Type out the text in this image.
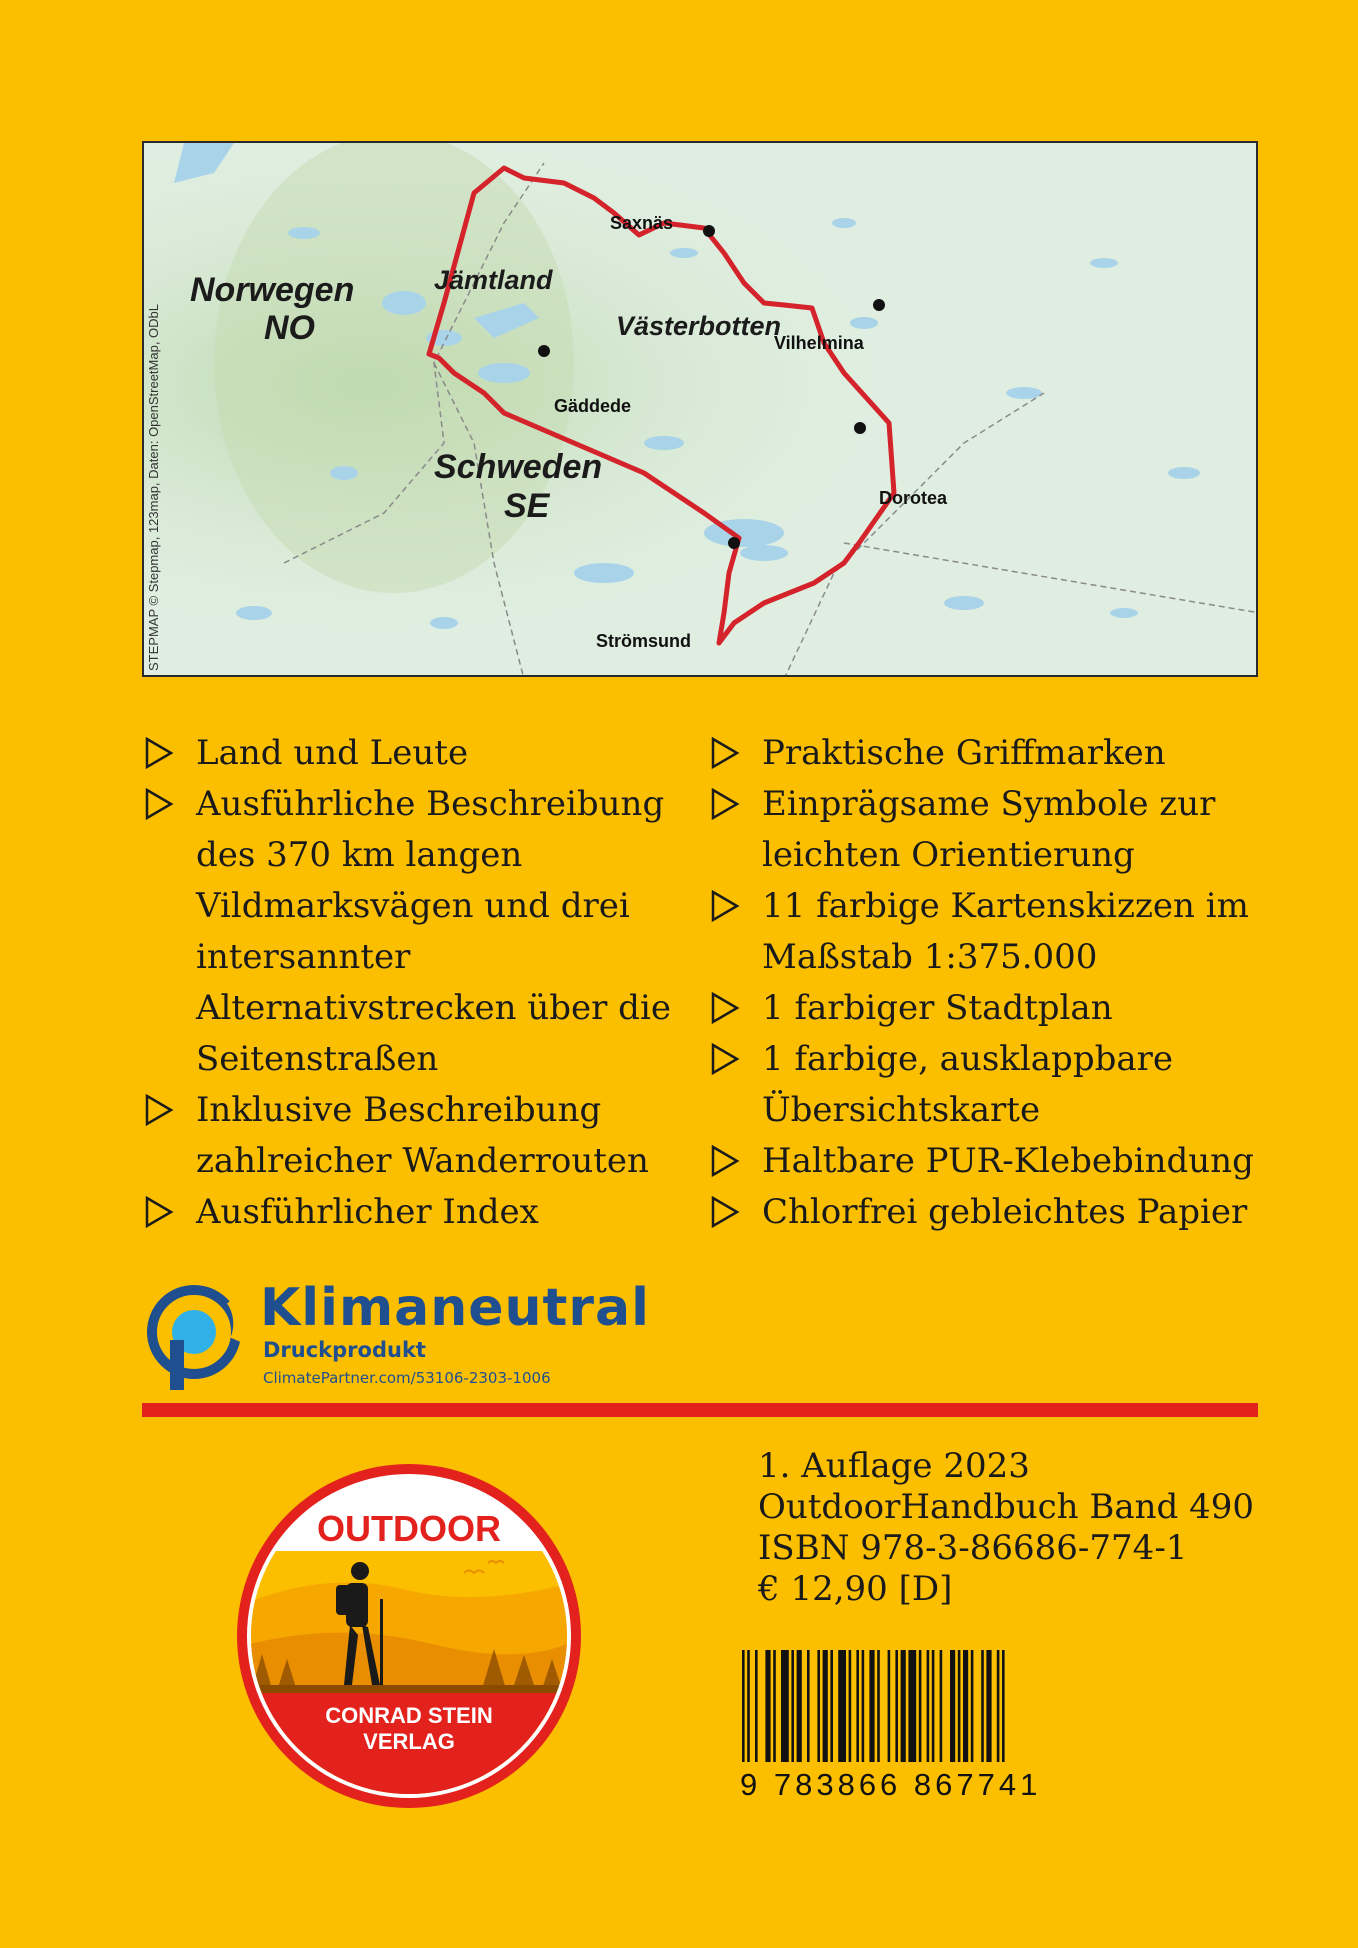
Norwegen
NO
Schweden
SE
Jämtland
Västerbotten
Saxnäs
Vilhelmina
Gäddede
Dorotea
Strömsund
STEPMAP © Stepmap, 123map, Daten: OpenStreetMap, ODbL
Land und Leute
Ausführliche Beschreibung des 370 km langen Vildmarksvägen und drei intersannter Alternativstrecken über die Seitenstraßen
Inklusive Beschreibung zahlreicher Wanderrouten
Ausführlicher Index
Praktische Griffmarken
Einprägsame Symbole zur leichten Orientierung
11 farbige Kartenskizzen im Maßstab 1:375.000
1 farbiger Stadtplan
1 farbige, ausklappbare Übersichtskarte
Haltbare PUR-Klebebindung
Chlorfrei gebleichtes Papier
Klimaneutral
Druckprodukt
ClimatePartner.com/53106-2303-1006
OUTDOOR
CONRAD STEIN
VERLAG
1. Auflage 2023
OutdoorHandbuch Band 490
ISBN 978-3-86686-774-1
€ 12,90 [D]
9 783866 867741
